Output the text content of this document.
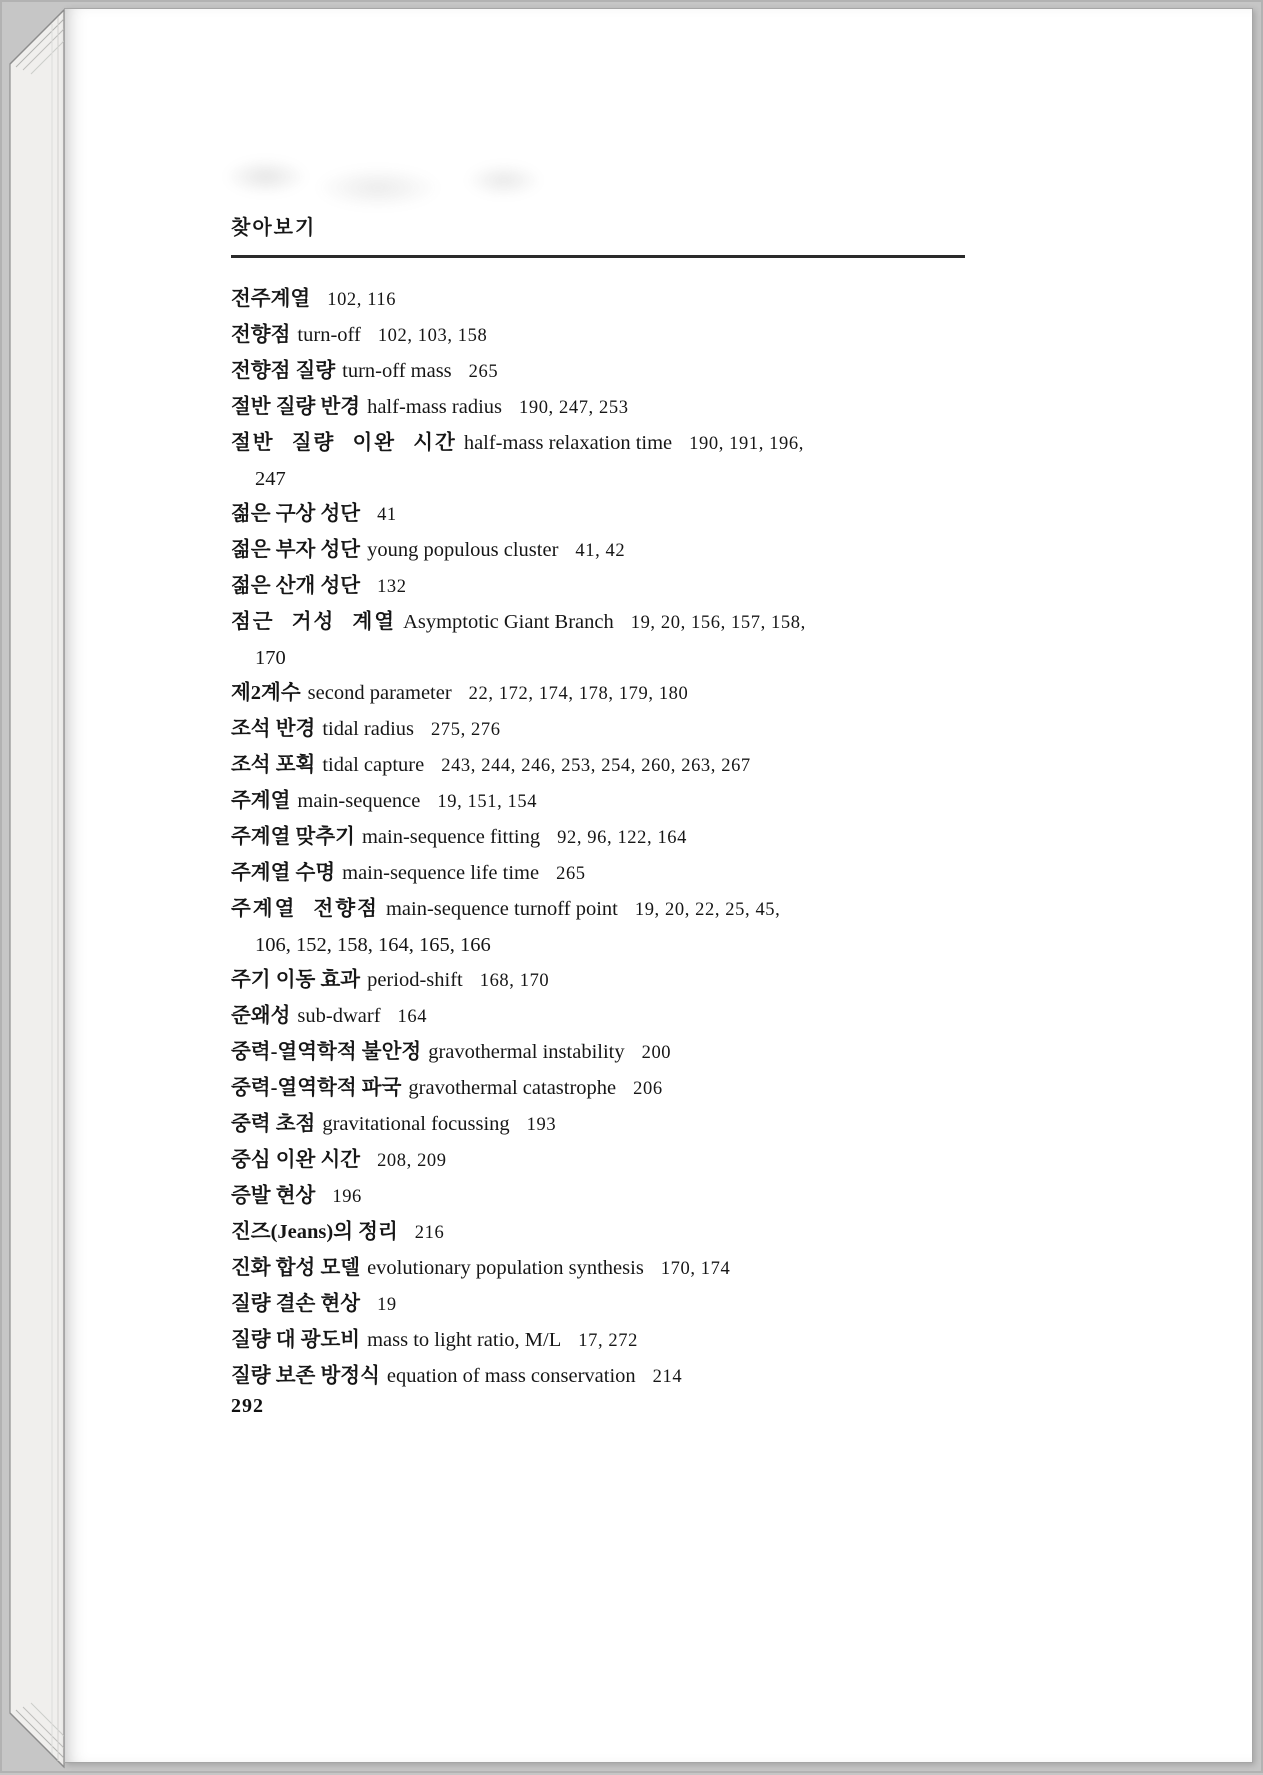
찾아보기
전주계열 102, 116
전향점 turn-off 102, 103, 158
전향점 질량 turn-off mass 265
절반 질량 반경 half-mass radius 190, 247, 253
절반 질량 이완 시간 half-mass relaxation time 190, 191, 196,
247
젊은 구상 성단 41
젊은 부자 성단 young populous cluster 41, 42
젊은 산개 성단 132
점근 거성 계열 Asymptotic Giant Branch 19, 20, 156, 157, 158,
170
제2계수 second parameter 22, 172, 174, 178, 179, 180
조석 반경 tidal radius 275, 276
조석 포획 tidal capture 243, 244, 246, 253, 254, 260, 263, 267
주계열 main-sequence 19, 151, 154
주계열 맞추기 main-sequence fitting 92, 96, 122, 164
주계열 수명 main-sequence life time 265
주계열 전향점 main-sequence turnoff point 19, 20, 22, 25, 45,
106, 152, 158, 164, 165, 166
주기 이동 효과 period-shift 168, 170
준왜성 sub-dwarf 164
중력-열역학적 불안정 gravothermal instability 200
중력-열역학적 파국 gravothermal catastrophe 206
중력 초점 gravitational focussing 193
중심 이완 시간 208, 209
증발 현상 196
진즈(Jeans)의 정리 216
진화 합성 모델 evolutionary population synthesis 170, 174
질량 결손 현상 19
질량 대 광도비 mass to light ratio, M/L 17, 272
질량 보존 방정식 equation of mass conservation 214
292
